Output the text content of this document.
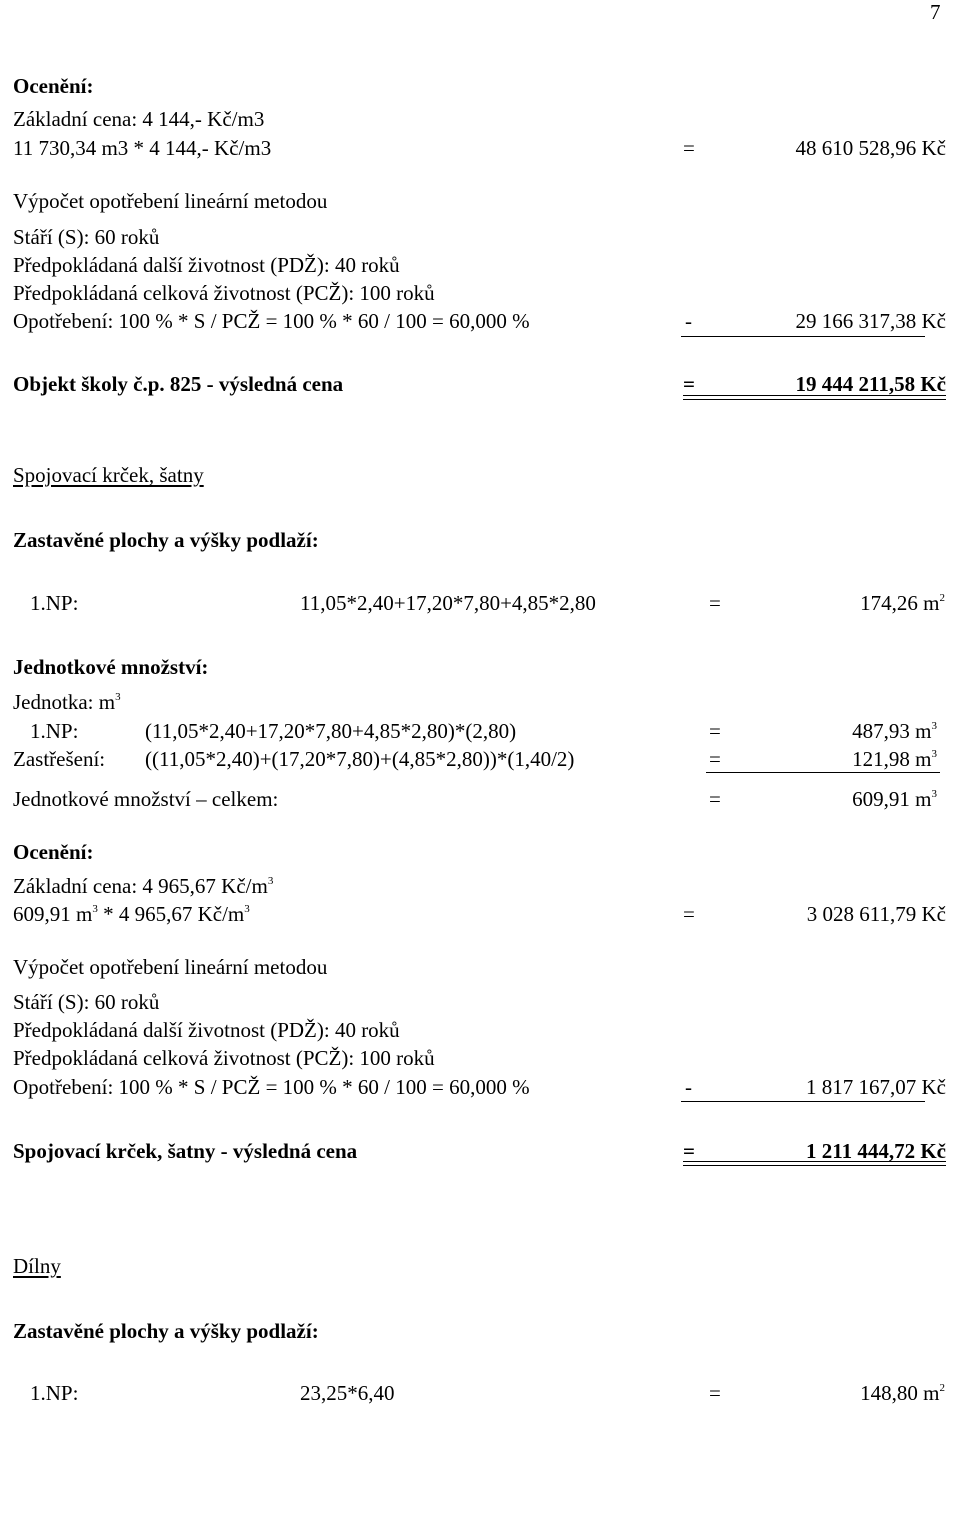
7
Ocenění:
Základní cena: 4 144,- Kč/m3
11 730,34 m3 * 4 144,- Kč/m3	=	48 610 528,96 Kč
Výpočet opotřebení lineární metodou
Stáří (S): 60 roků
Předpokládaná další životnost (PDŽ): 40 roků
Předpokládaná celková životnost (PCŽ): 100 roků
Opotřebení: 100 % * S / PCŽ = 100 % * 60 / 100 = 60,000 %	-	29 166 317,38 Kč
Objekt školy č.p. 825 - výsledná cena	=	19 444 211,58 Kč
Spojovací krček, šatny
Zastavěné plochy a výšky podlaží:
1.NP:	11,05*2,40+17,20*7,80+4,85*2,80	=	174,26 $m^2$
Jednotkové množství:
Jednotka: $m^3$
1.NP:	(11,05*2,40+17,20*7,80+4,85*2,80)*(2,80)	=	487,93 $m^3$
Zastřešení: ((11,05*2,40)+(17,20*7,80)+(4,85*2,80))*(1,40/2)	=	121,98 $m^3$
Jednotkové množství – celkem:	=	609,91 $m^3$
Ocenění:
Základní cena: 4 965,67 $Kč/m^3$
609,91 $m^3 * 4$ 965,67 $Kč/m^3$	=	3 028 611,79 Kč
Výpočet opotřebení lineární metodou
Stáří (S): 60 roků
Předpokládaná další životnost (PDŽ): 40 roků
Předpokládaná celková životnost (PCŽ): 100 roků
Opotřebení: 100 % * S / PCŽ = 100 % * 60 / 100 = 60,000 %	-	1 817 167,07 Kč
Spojovací krček, šatny - výsledná cena	=	1 211 444,72 Kč
Dílny
Zastavěné plochy a výšky podlaží:
1.NP:	23,25*6,40	=	148,80 $m^2$
